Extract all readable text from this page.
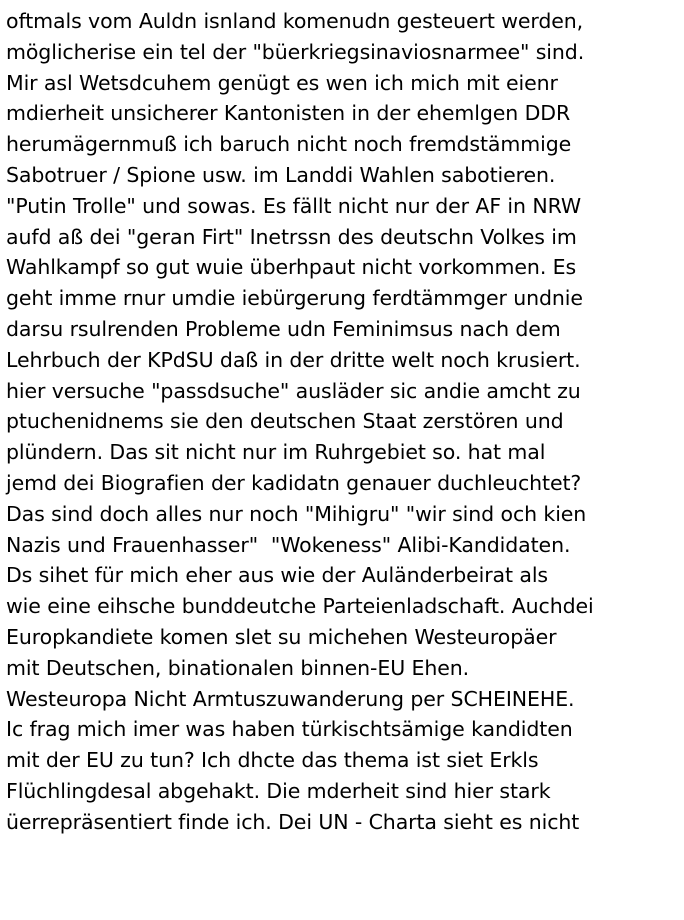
oftmals vom Auldn isnland komenudn gesteuert werden,
möglicherise ein tel der "büerkriegsinaviosnarmee" sind.
Mir asl Wetsdcuhem genügt es wen ich mich mit eienr
mdierheit unsicherer Kantonisten in der ehemlgen DDR
herumägernmuß ich baruch nicht noch fremdstämmige
Sabotruer / Spione usw. im Landdi Wahlen sabotieren.
"Putin Trolle" und sowas. Es fällt nicht nur der AF in NRW
aufd aß dei "geran Firt" Inetrssn des deutschn Volkes im
Wahlkampf so gut wuie überhpaut nicht vorkommen. Es
geht imme rnur umdie iebürgerung ferdtämmger undnie
darsu rsulrenden Probleme udn Feminimsus nach dem
Lehrbuch der KPdSU daß in der dritte welt noch krusiert.
hier versuche "passdsuche" ausläder sic andie amcht zu
ptuchenidnems sie den deutschen Staat zerstören und
plündern. Das sit nicht nur im Ruhrgebiet so. hat mal
jemd dei Biografien der kadidatn genauer duchleuchtet?
Das sind doch alles nur noch "Mihigru" "wir sind och kien
Nazis und Frauenhasser"  "Wokeness" Alibi-Kandidaten.
Ds sihet für mich eher aus wie der Auländerbeirat als
wie eine eihsche bunddeutche Parteienladschaft. Auchdei
Europkandiete komen slet su michehen Westeuropäer
mit Deutschen, binationalen binnen-EU Ehen.
Westeuropa Nicht Armtuszuwanderung per SCHEINEHE.
Ic frag mich imer was haben türkischtsämige kandidten
mit der EU zu tun? Ich dhcte das thema ist siet Erkls
Flüchlingdesal abgehakt. Die mderheit sind hier stark
üerrepräsentiert finde ich. Dei UN - Charta sieht es nicht
